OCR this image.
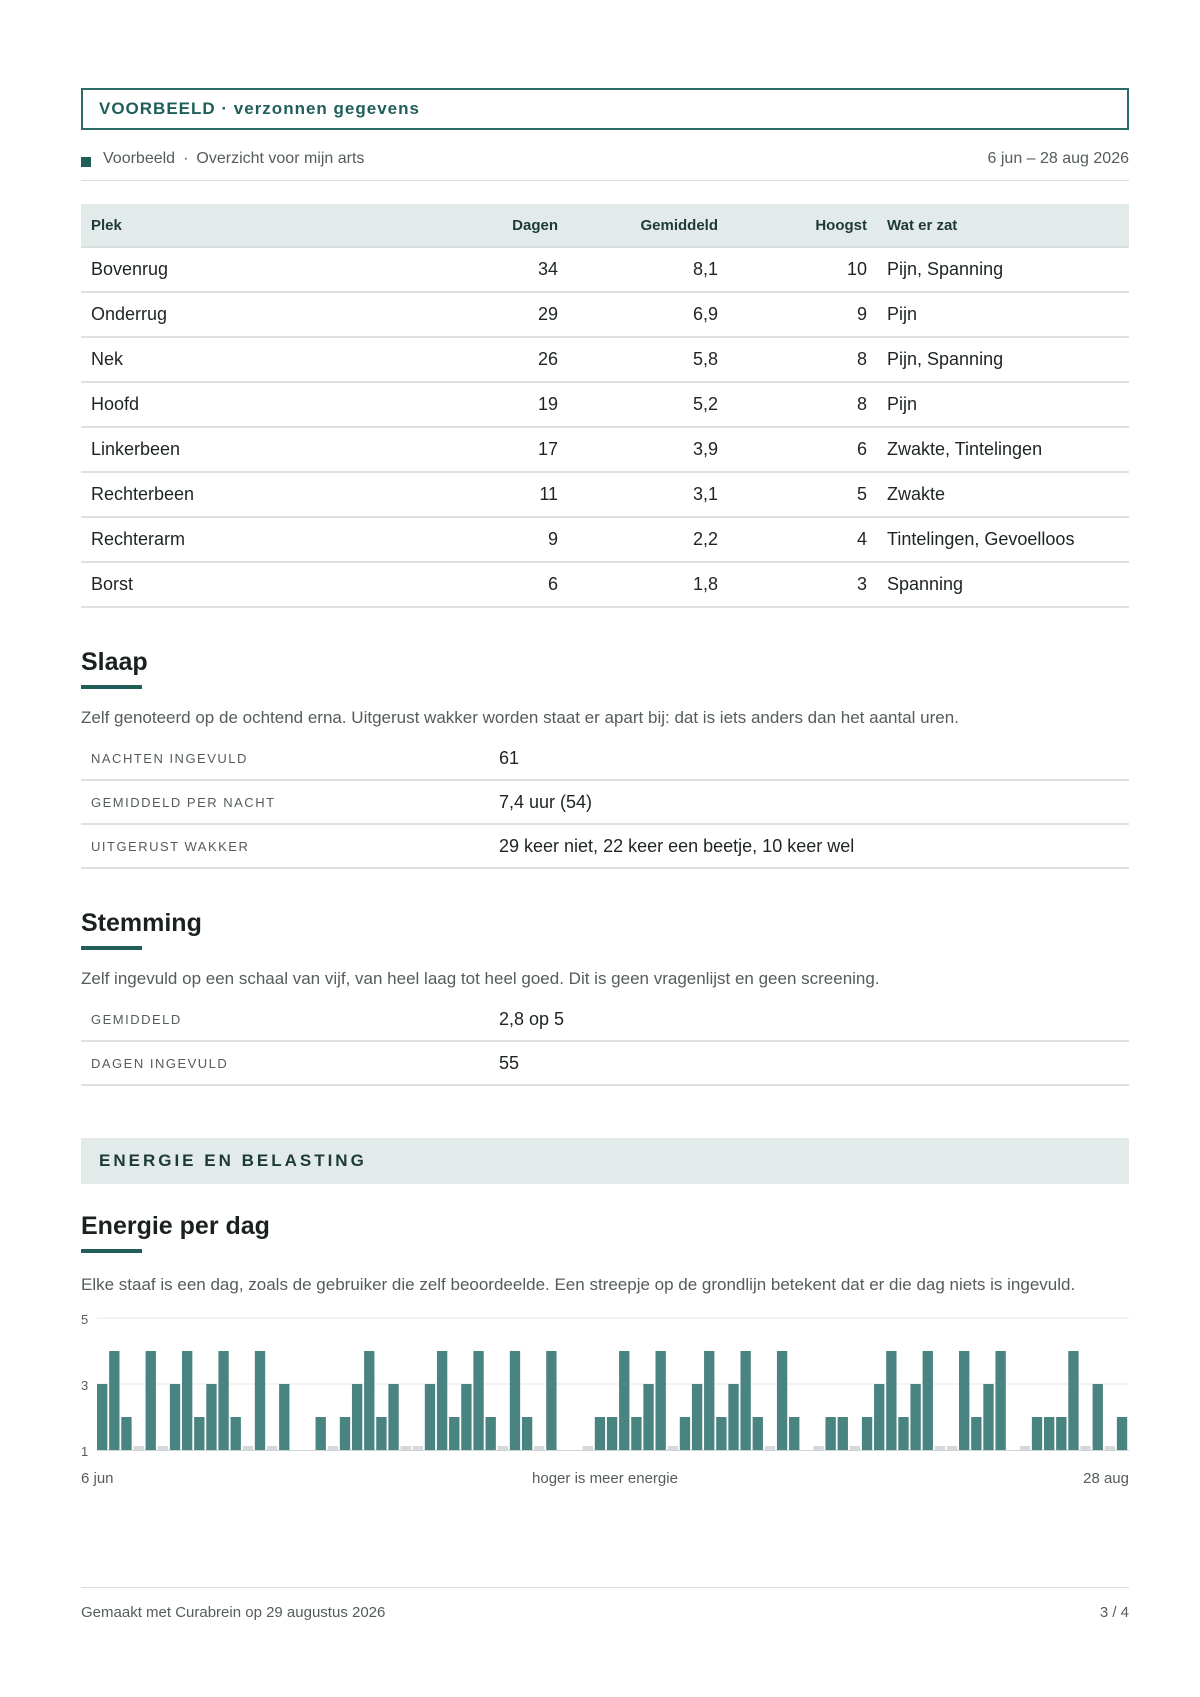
VOORBEELD · verzonnen gegevens
Voorbeeld · Overzicht voor mijn arts	6 jun – 28 aug 2026
Plek	Dagen	Gemiddeld	Hoogst	Wat er zat
Bovenrug	34	8,1	10	Pijn, Spanning
Onderrug	29	6,9	9	Pijn
Nek	26	5,8	8	Pijn, Spanning
Hoofd	19	5,2	8	Pijn
Linkerbeen	17	3,9	6	Zwakte, Tintelingen
Rechterbeen	11	3,1	5	Zwakte
Rechterarm	9	2,2	4	Tintelingen, Gevoelloos
Borst	6	1,8	3	Spanning
Slaap
Zelf genoteerd op de ochtend erna. Uitgerust wakker worden staat er apart bij: dat is iets anders dan het aantal uren.
NACHTEN INGEVULD	61
GEMIDDELD PER NACHT	7,4 uur (54)
UITGERUST WAKKER	29 keer niet, 22 keer een beetje, 10 keer wel
Stemming
Zelf ingevuld op een schaal van vijf, van heel laag tot heel goed. Dit is geen vragenlijst en geen screening.
GEMIDDELD	2,8 op 5
DAGEN INGEVULD	55
ENERGIE EN BELASTING
Energie per dag
Elke staaf is een dag, zoals de gebruiker die zelf beoordeelde. Een streepje op de grondlijn betekent dat er die dag niets is ingevuld.
5
3
1
6 jun	hoger is meer energie	28 aug
Gemaakt met Curabrein op 29 augustus 2026	3 / 4
